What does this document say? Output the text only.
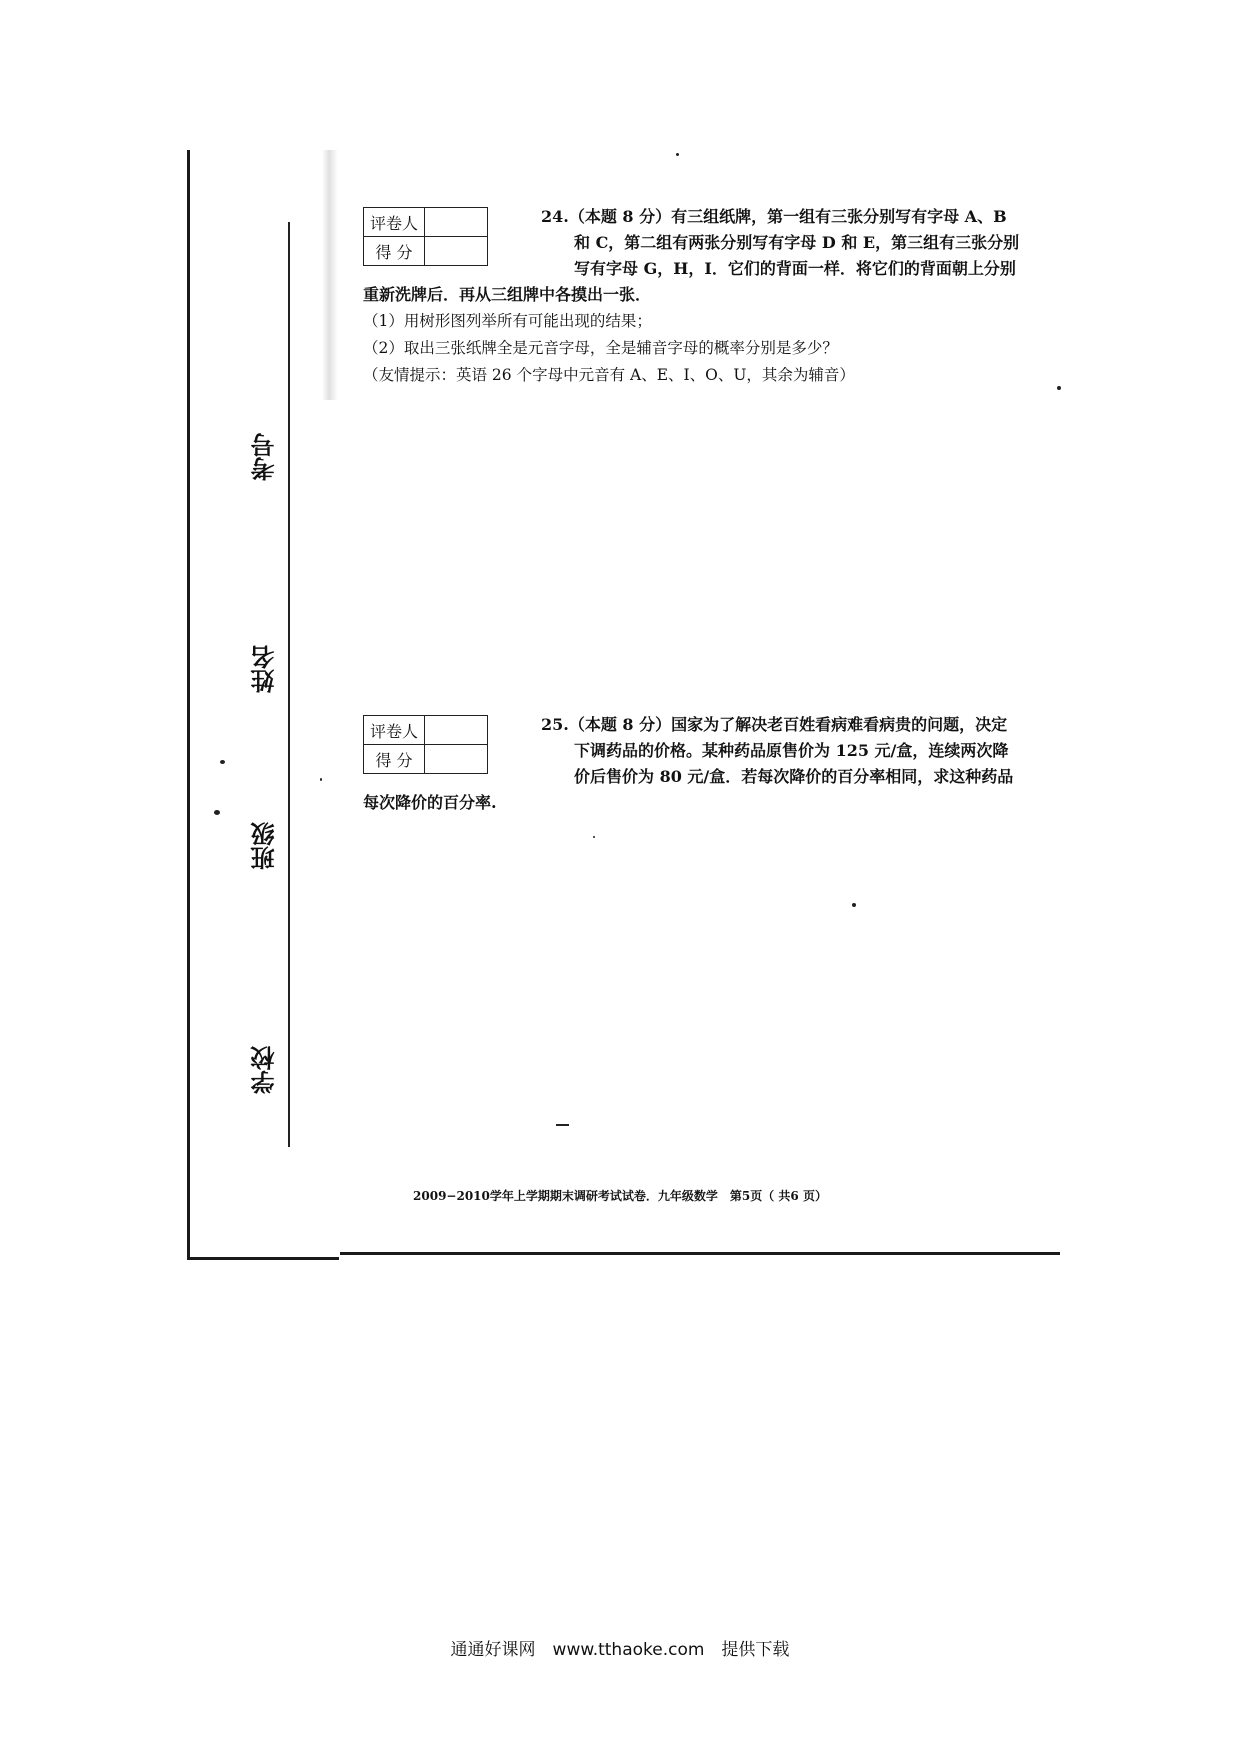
考号
姓名
班级
学校
评卷人	
得 分	
24.（本题 8 分）有三组纸牌，第一组有三张分别写有字母 A、B
和 C，第二组有两张分别写有字母 D 和 E，第三组有三张分别
写有字母 G，H，I．它们的背面一样．将它们的背面朝上分别
重新洗牌后．再从三组牌中各摸出一张．
（1）用树形图列举所有可能出现的结果；
（2）取出三张纸牌全是元音字母，全是辅音字母的概率分别是多少？
（友情提示：英语 26 个字母中元音有 A、E、I、O、U，其余为辅音）
评卷人	
得 分	
25.（本题 8 分）国家为了解决老百姓看病难看病贵的问题，决定
下调药品的价格。某种药品原售价为 125 元/盒，连续两次降
价后售价为 80 元/盒．若每次降价的百分率相同，求这种药品
每次降价的百分率.
2009−2010学年上学期期末调研考试试卷．九年级数学　第5页（ 共6 页）
通通好课网　www.tthaoke.com　提供下载
